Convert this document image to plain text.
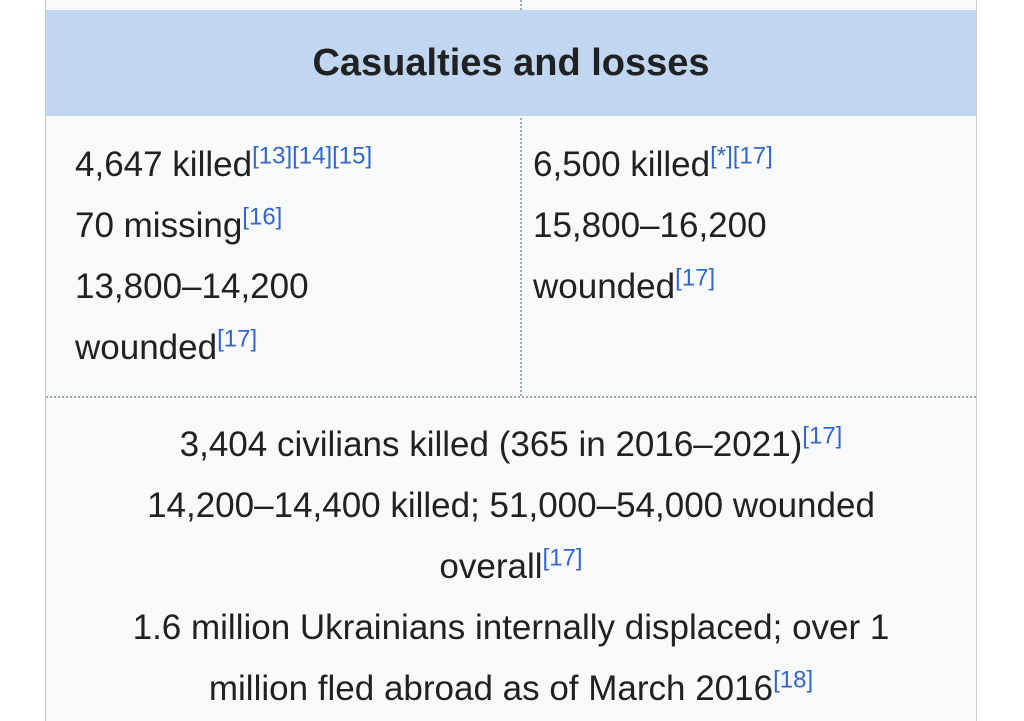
Casualties and losses
4,647 killed[13][14][15]
70 missing[16]
13,800–14,200
wounded[17]
6,500 killed[*][17]
15,800–16,200
wounded[17]
3,404 civilians killed (365 in 2016–2021)[17]
14,200–14,400 killed; 51,000–54,000 wounded
overall[17]
1.6 million Ukrainians internally displaced; over 1
million fled abroad as of March 2016[18]
